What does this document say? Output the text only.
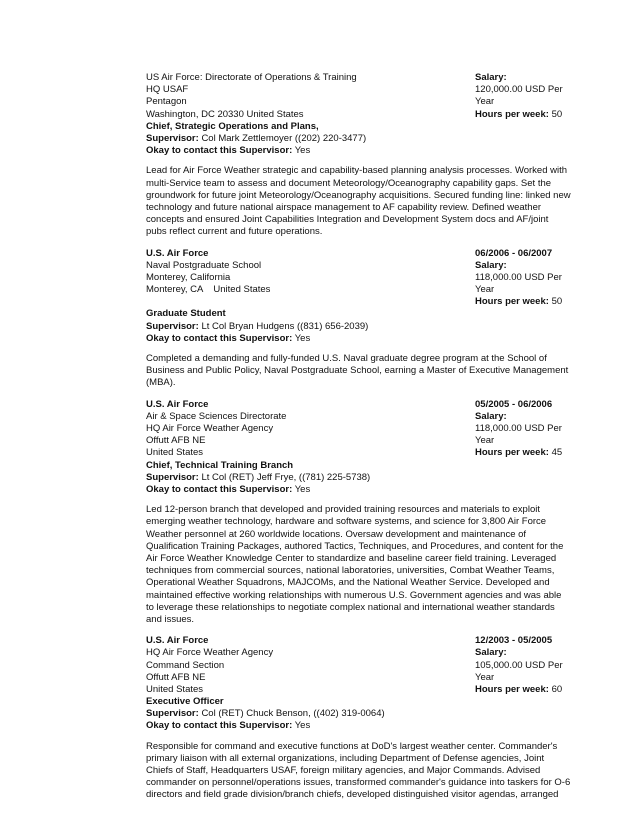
US Air Force: Directorate of Operations & Training	Salary:
HQ USAF	120,000.00 USD Per
Pentagon	Year
Washington, DC 20330 United States	Hours per week: 50
Chief, Strategic Operations and Plans,
Supervisor: Col Mark Zettlemoyer ((202) 220-3477)
Okay to contact this Supervisor: Yes
Lead for Air Force Weather strategic and capability-based planning analysis processes. Worked with multi-Service team to assess and document Meteorology/Oceanography capability gaps. Set the groundwork for future joint Meteorology/Oceanography acquisitions. Secured funding line: linked new technology and future national airspace management to AF capability review. Defined weather concepts and ensured Joint Capabilities Integration and Development System docs and AF/joint pubs reflect current and future operations.
U.S. Air Force	06/2006 - 06/2007
Naval Postgraduate School	Salary:
Monterey, California	118,000.00 USD Per
Monterey, CA    United States	Year
Hours per week: 50
Graduate Student
Supervisor: Lt Col Bryan Hudgens ((831) 656-2039)
Okay to contact this Supervisor: Yes
Completed a demanding and fully-funded U.S. Naval graduate degree program at the School of Business and Public Policy, Naval Postgraduate School, earning a Master of Executive Management (MBA).
U.S. Air Force	05/2005 - 06/2006
Air & Space Sciences Directorate	Salary:
HQ Air Force Weather Agency	118,000.00 USD Per
Offutt AFB NE	Year
United States	Hours per week: 45
Chief, Technical Training Branch
Supervisor: Lt Col (RET) Jeff Frye, ((781) 225-5738)
Okay to contact this Supervisor: Yes
Led 12-person branch that developed and provided training resources and materials to exploit emerging weather technology, hardware and software systems, and science for 3,800 Air Force Weather personnel at 260 worldwide locations. Oversaw development and maintenance of Qualification Training Packages, authored Tactics, Techniques, and Procedures, and content for the Air Force Weather Knowledge Center to standardize and baseline career field training. Leveraged techniques from commercial sources, national laboratories, universities, Combat Weather Teams, Operational Weather Squadrons, MAJCOMs, and the National Weather Service. Developed and maintained effective working relationships with numerous U.S. Government agencies and was able to leverage these relationships to negotiate complex national and international weather standards and issues.
U.S. Air Force	12/2003 - 05/2005
HQ Air Force Weather Agency	Salary:
Command Section	105,000.00 USD Per
Offutt AFB NE	Year
United States	Hours per week: 60
Executive Officer
Supervisor: Col (RET) Chuck Benson, ((402) 319-0064)
Okay to contact this Supervisor: Yes
Responsible for command and executive functions at DoD's largest weather center. Commander's primary liaison with all external organizations, including Department of Defense agencies, Joint Chiefs of Staff, Headquarters USAF, foreign military agencies, and Major Commands. Advised commander on personnel/operations issues, transformed commander's guidance into taskers for O-6 directors and field grade division/branch chiefs, developed distinguished visitor agendas, arranged
